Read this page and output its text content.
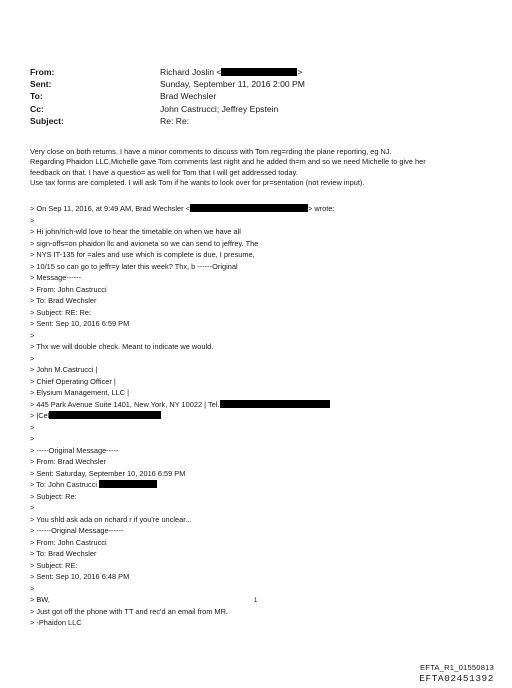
From:	Richard Joslin <	>
Sent:	Sunday, September 11, 2016 2:00 PM
To:	Brad Wechsler
Cc:	John Castrucci; Jeffrey Epstein
Subject:	Re: Re:
Very close on both returns. I have a minor comments to discuss with Tom reg=rding the plane reporting, eg NJ.
Regarding Phaidon LLC,Michelle gave Tom comments last night and he added th=m and so we need Michelle to give her
feedback on that. I have a questio= as well for Tom that I will get addressed today.
Use tax forms are completed. I will ask Tom if he wants to look over for pr=sentation (not review input).
> On Sep 11, 2016, at 9:49 AM, Brad Wechsler <	> wrote:
>
> Hi john/rich-wld love to hear the timetable on when we have all
> sign-offs=on phaidon llc and avioneta so we can send to jeffrey. The
> NYS IT-135 for =ales and use which is complete is due, I presume,
> 10/15 so can go to jeffr=y later this week? Thx, b ------Original
> Message------
> From: John Castrucci
> To: Brad Wechsler
> Subject: RE: Re:
> Sent: Sep 10, 2016 6:59 PM
>
> Thx we will double check. Meant to indicate we would.
>
> John M.Castrucci |
> Chief Operating Officer |
> Elysium Management, LLC |
> 445 Park Avenue Suite 1401, New York, NY 10022 | Tel.
> |Cel
>
>
> -----Original Message-----
> From: Brad Wechsler
> Sent: Saturday, September 10, 2016 6:59 PM
> To: John Castrucci
> Subject: Re:
>
> You shld ask ada on richard r if you're unclear...
> ------Original Message------
> From: John Castrucci
> To: Brad Wechsler
> Subject: RE:
> Sent: Sep 10, 2016 6:48 PM
>
> BW,
> Just got off the phone with TT and rec'd an email from MR.
> -Phaidon LLC
1
EFTA_R1_01550813
EFTA02451392
